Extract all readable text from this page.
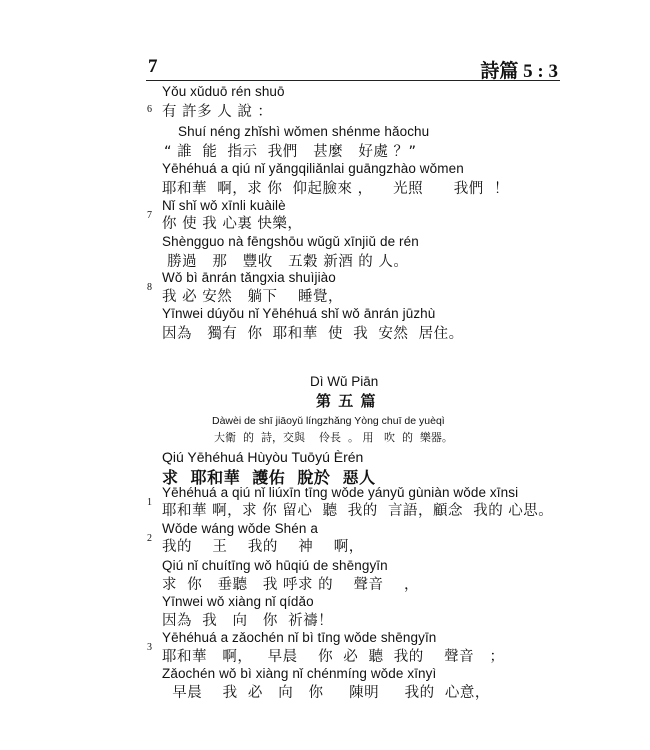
7	詩篇 5 : 3
Yǒu xǔduō rén shuō
6 有 許多 人 說 ：
Shuí néng zhǐshì wǒmen shénme hǎochu
“ 誰  能  指示  我們   甚麼   好處 ？”
Yēhéhuá a qiú nǐ yǎngqiliǎnlai guāngzhào wǒmen
耶和華  啊，求 你  仰起臉來 ，    光照      我們  ！
Nǐ shǐ wǒ xīnli kuàilè
7
你 使 我 心裏 快樂，
Shèngguo nà fēngshōu wǔgǔ xīnjiǔ de rén
勝過   那   豐收   五穀 新酒 的 人。
Wǒ bì ānrán tǎngxia shuìjiào
8
我 必 安然   躺下    睡覺，
Yīnwei dúyǒu nǐ Yēhéhuá shǐ wǒ ānrán jūzhù
因為   獨有  你  耶和華  使  我  安然  居住。
Dì Wǔ Piān
第 五 篇
Dàwèi de shī jiāoyǔ língzhǎng Yòng chuī de yuèqì
大衛  的  詩，交與    伶長  。 用   吹  的  樂器。
Qiú Yēhéhuá Hùyòu Tuōyú Èrén
求  耶和華  護佑  脫於  惡人
Yēhéhuá a qiú nǐ liúxīn tīng wǒde yányǔ gùniàn wǒde xīnsi
1
耶和華 啊，求 你 留心  聽  我的  言語，顧念  我的 心思。
Wǒde wáng wǒde Shén a
2
我的    王    我的    神    啊，
Qiú nǐ chuítīng wǒ hūqiú de shēngyīn
求  你   垂聽   我 呼求 的    聲音    ，
Yīnwei wǒ xiàng nǐ qídǎo
因為  我   向   你  祈禱！
Yēhéhuá a zǎochén nǐ bì tīng wǒde shēngyīn
3
耶和華   啊，   早晨    你  必  聽  我的    聲音   ；
Zǎochén wǒ bì xiàng nǐ chénmíng wǒde xīnyì
早晨    我  必   向   你     陳明     我的  心意，
